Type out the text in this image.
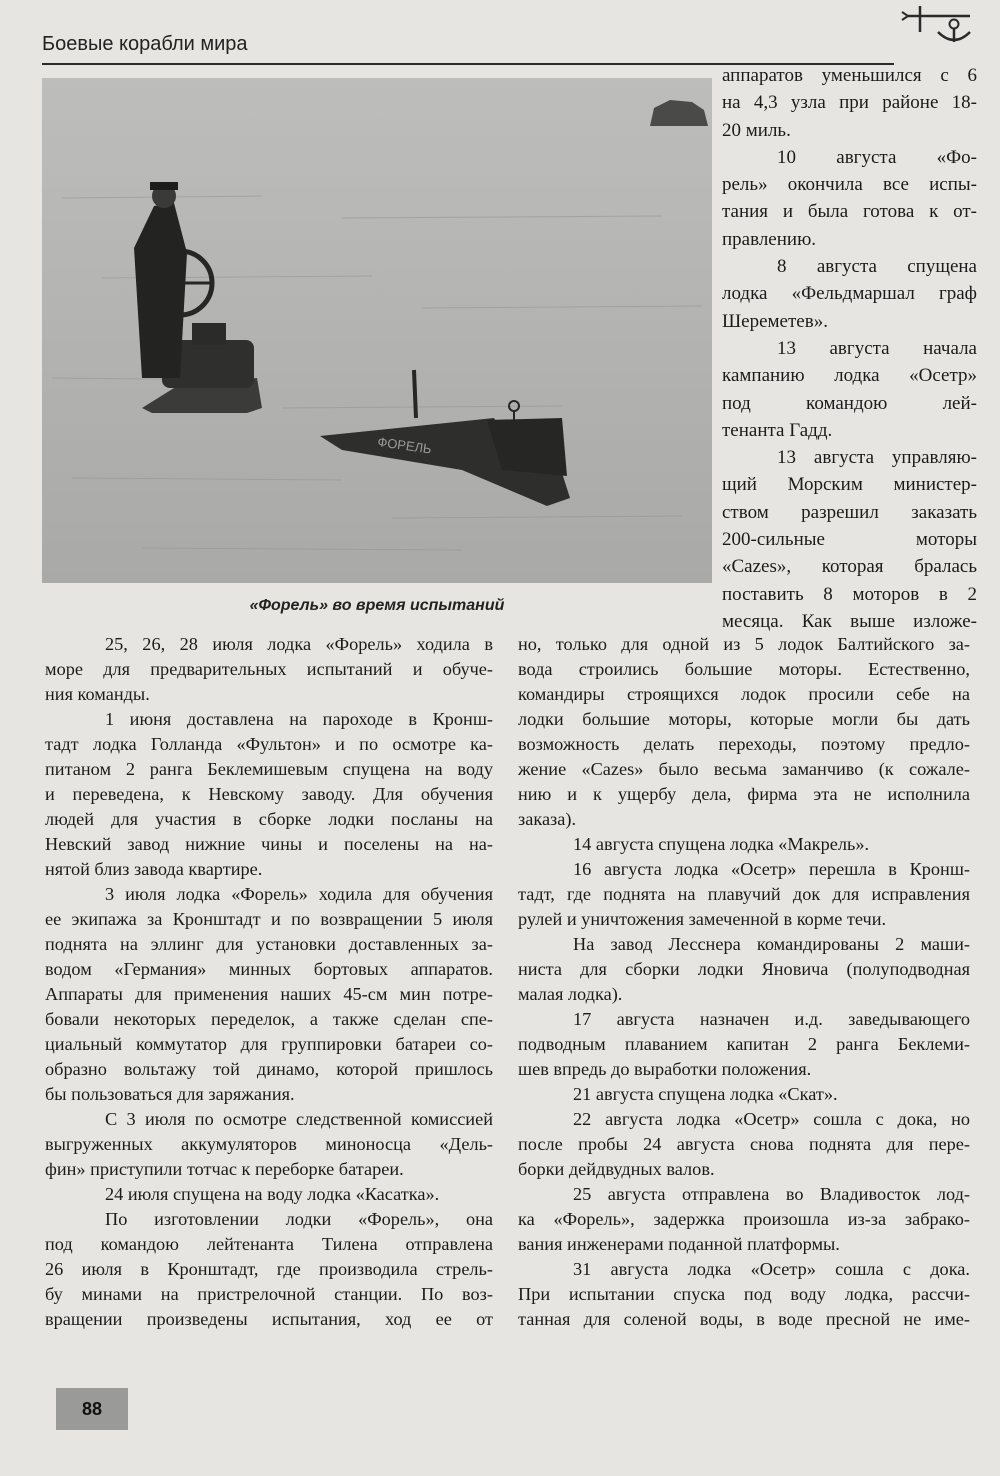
Боевые корабли мира
ФОРЕЛЬ
«Форель» во время испытаний
аппаратов уменьшился с 6
на 4,3 узла при районе 18-
20 миль.
10 августа «Фо-
рель» окончила все испы-
тания и была готова к от-
правлению.
8 августа спущена
лодка «Фельдмаршал граф
Шереметев».
13 августа начала
кампанию лодка «Осетр»
под командою лей-
тенанта Гадд.
13 августа управляю-
щий Морским министер-
ством разрешил заказать
200-сильные моторы
«Cazes», которая бралась
поставить 8 моторов в 2
месяца. Как выше изложе-
25, 26, 28 июля лодка «Форель» ходила в
море для предварительных испытаний и обуче-
ния команды.
1 июня доставлена на пароходе в Кронш-
тадт лодка Голланда «Фультон» и по осмотре ка-
питаном 2 ранга Беклемишевым спущена на воду
и переведена, к Невскому заводу. Для обучения
людей для участия в сборке лодки посланы на
Невский завод нижние чины и поселены на на-
нятой близ завода квартире.
3 июля лодка «Форель» ходила для обучения
ее экипажа за Кронштадт и по возвращении 5 июля
поднята на эллинг для установки доставленных за-
водом «Германия» минных бортовых аппаратов.
Аппараты для применения наших 45-см мин потре-
бовали некоторых переделок, а также сделан спе-
циальный коммутатор для группировки батареи со-
образно вольтажу той динамо, которой пришлось
бы пользоваться для заряжания.
С 3 июля по осмотре следственной комиссией
выгруженных аккумуляторов миноносца «Дель-
фин» приступили тотчас к переборке батареи.
24 июля спущена на воду лодка «Касатка».
По изготовлении лодки «Форель», она
под командою лейтенанта Тилена отправлена
26 июля в Кронштадт, где производила стрель-
бу минами на пристрелочной станции. По воз-
вращении произведены испытания, ход ее от
но, только для одной из 5 лодок Балтийского за-
вода строились большие моторы. Естественно,
командиры строящихся лодок просили себе на
лодки большие моторы, которые могли бы дать
возможность делать переходы, поэтому предло-
жение «Cazes» было весьма заманчиво (к сожале-
нию и к ущербу дела, фирма эта не исполнила
заказа).
14 августа спущена лодка «Макрель».
16 августа лодка «Осетр» перешла в Кронш-
тадт, где поднята на плавучий док для исправления
рулей и уничтожения замеченной в корме течи.
На завод Лесснера командированы 2 маши-
ниста для сборки лодки Яновича (полуподводная
малая лодка).
17 августа назначен и.д. заведывающего
подводным плаванием капитан 2 ранга Беклеми-
шев впредь до выработки положения.
21 августа спущена лодка «Скат».
22 августа лодка «Осетр» сошла с дока, но
после пробы 24 августа снова поднята для пере-
борки дейдвудных валов.
25 августа отправлена во Владивосток лод-
ка «Форель», задержка произошла из-за забрако-
вания инженерами поданной платформы.
31 августа лодка «Осетр» сошла с дока.
При испытании спуска под воду лодка, рассчи-
танная для соленой воды, в воде пресной не име-
88
